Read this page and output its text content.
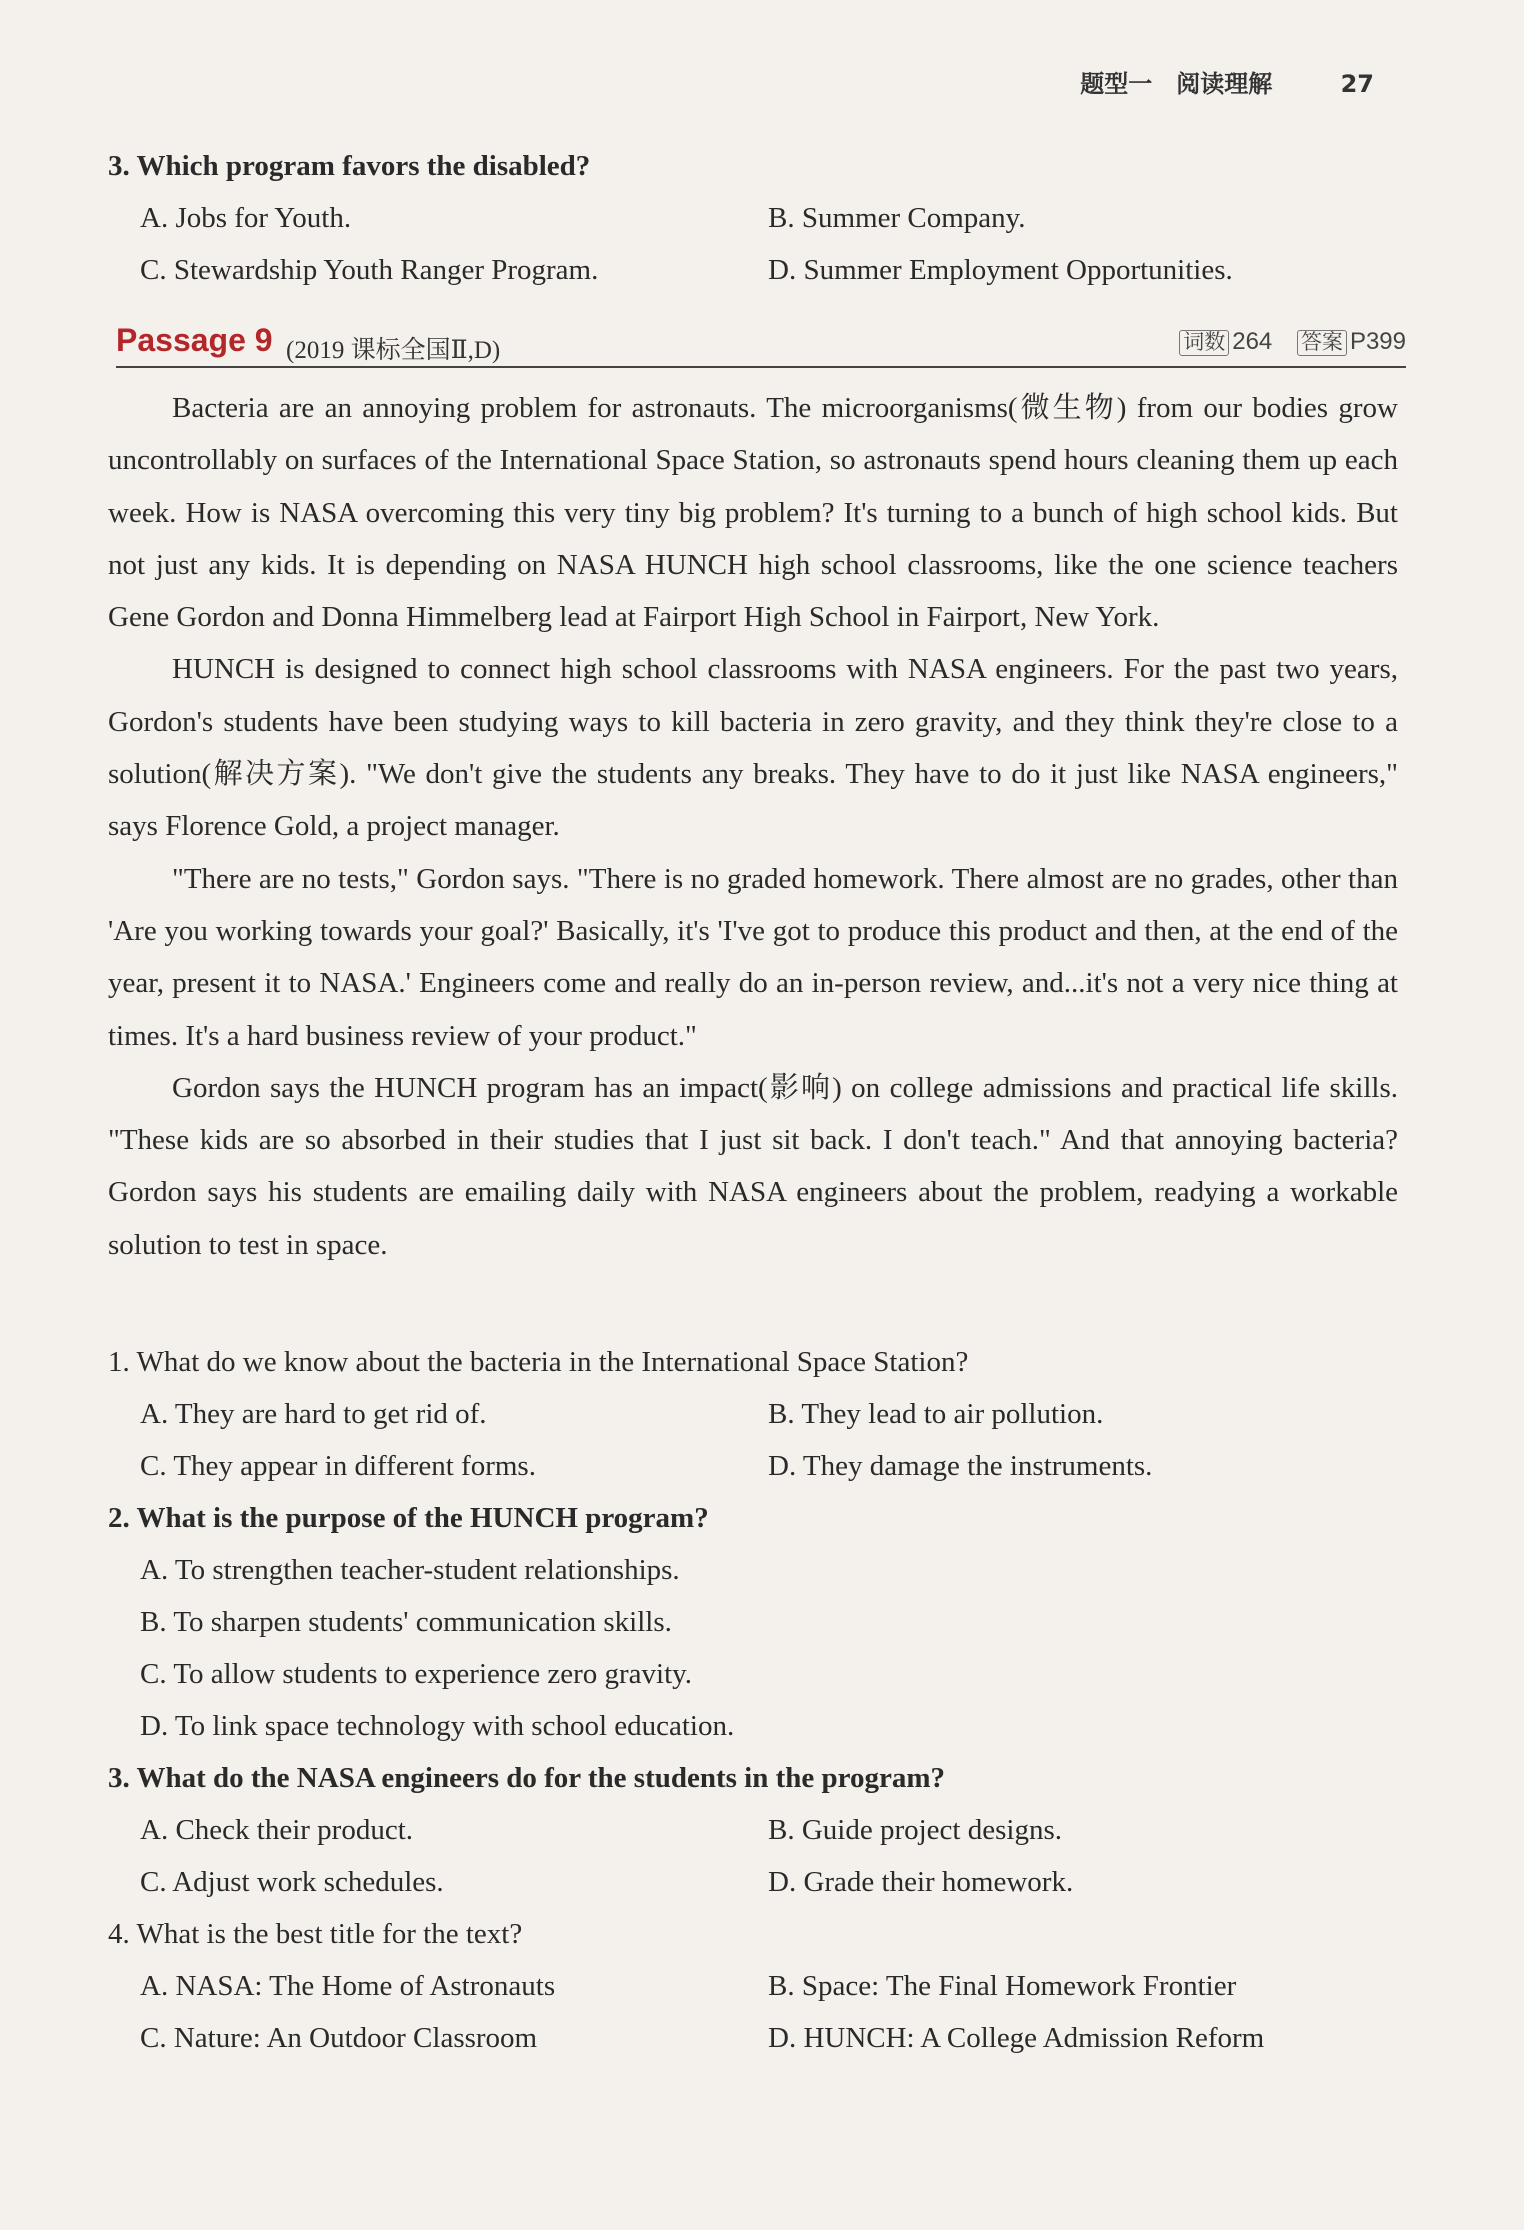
题型一　阅读理解	27
3. Which program favors the disabled?
A. Jobs for Youth.	B. Summer Company.
C. Stewardship Youth Ranger Program.	D. Summer Employment Opportunities.
Passage 9 (2019 课标全国Ⅱ,D)	词数 264 答案 P399

Bacteria are an annoying problem for astronauts. The microorganisms(微生物) from our bodies grow uncontrollably on surfaces of the International Space Station, so astronauts spend hours cleaning them up each week. How is NASA overcoming this very tiny big problem? It's turning to a bunch of high school kids. But not just any kids. It is depending on NASA HUNCH high school classrooms, like the one science teachers Gene Gordon and Donna Himmelberg lead at Fairport High School in Fairport, New York.

HUNCH is designed to connect high school classrooms with NASA engineers. For the past two years, Gordon's students have been studying ways to kill bacteria in zero gravity, and they think they're close to a solution(解决方案). "We don't give the students any breaks. They have to do it just like NASA engineers," says Florence Gold, a project manager.

"There are no tests," Gordon says. "There is no graded homework. There almost are no grades, other than 'Are you working towards your goal?' Basically, it's 'I've got to produce this product and then, at the end of the year, present it to NASA.' Engineers come and really do an in-person review, and...it's not a very nice thing at times. It's a hard business review of your product."

Gordon says the HUNCH program has an impact(影响) on college admissions and practical life skills. "These kids are so absorbed in their studies that I just sit back. I don't teach." And that annoying bacteria? Gordon says his students are emailing daily with NASA engineers about the problem, readying a workable solution to test in space.

1. What do we know about the bacteria in the International Space Station?
A. They are hard to get rid of.	B. They lead to air pollution.
C. They appear in different forms.	D. They damage the instruments.
2. What is the purpose of the HUNCH program?
A. To strengthen teacher-student relationships.
B. To sharpen students' communication skills.
C. To allow students to experience zero gravity.
D. To link space technology with school education.
3. What do the NASA engineers do for the students in the program?
A. Check their product.	B. Guide project designs.
C. Adjust work schedules.	D. Grade their homework.
4. What is the best title for the text?
A. NASA: The Home of Astronauts	B. Space: The Final Homework Frontier
C. Nature: An Outdoor Classroom	D. HUNCH: A College Admission Reform
